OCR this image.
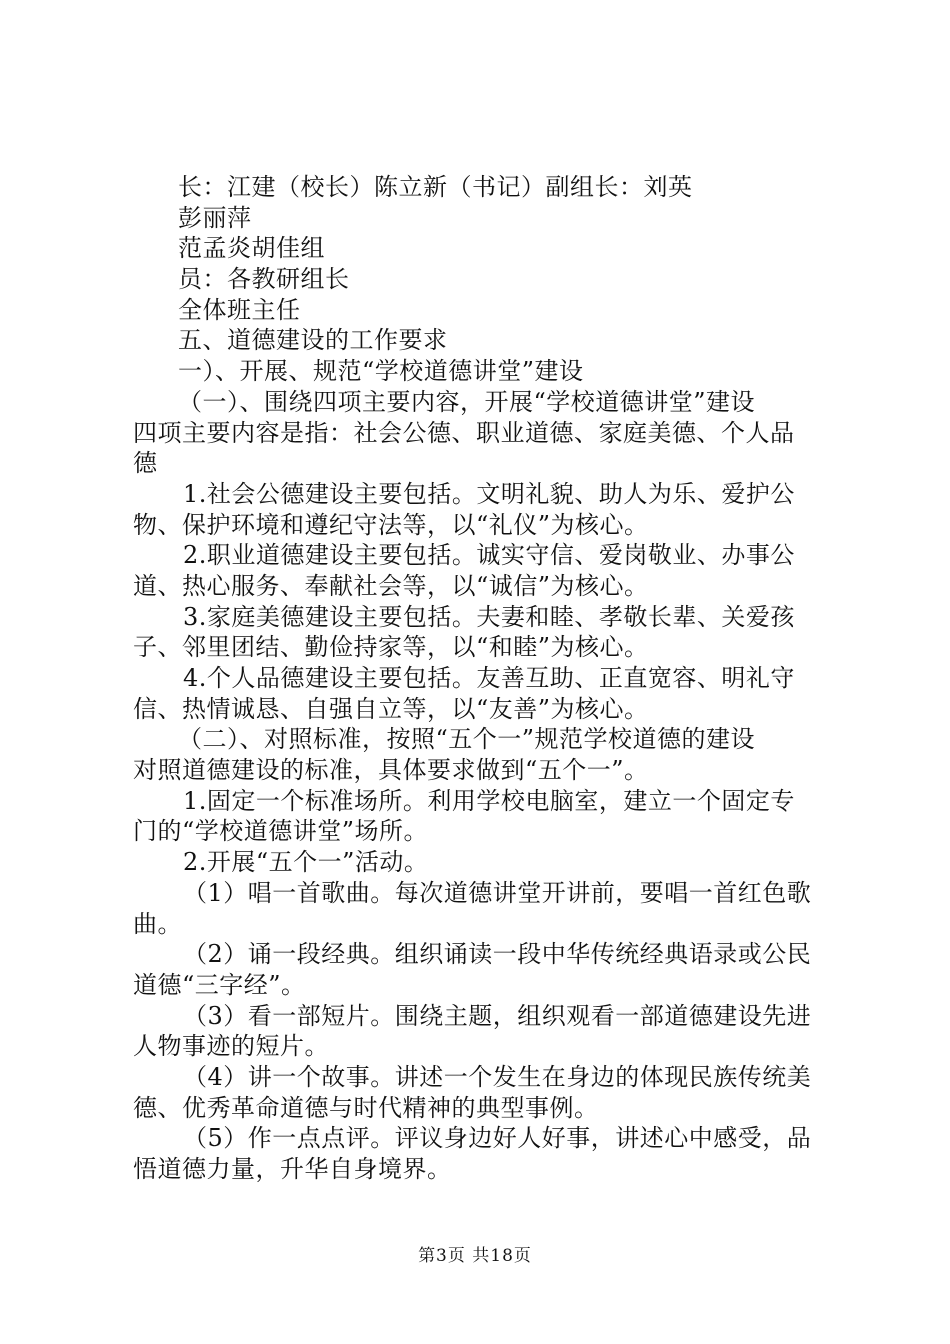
长：江建（校长）陈立新（书记）副组长：刘英
彭丽萍
范孟炎胡佳组
员：各教研组长
全体班主任
五、道德建设的工作要求
一）、开展、规范“学校道德讲堂”建设
（一）、围绕四项主要内容，开展“学校道德讲堂”建设
四项主要内容是指：社会公德、职业道德、家庭美德、个人品
德
1.社会公德建设主要包括。文明礼貌、助人为乐、爱护公
物、保护环境和遵纪守法等，以“礼仪”为核心。
2.职业道德建设主要包括。诚实守信、爱岗敬业、办事公
道、热心服务、奉献社会等，以“诚信”为核心。
3.家庭美德建设主要包括。夫妻和睦、孝敬长辈、关爱孩
子、邻里团结、勤俭持家等，以“和睦”为核心。
4.个人品德建设主要包括。友善互助、正直宽容、明礼守
信、热情诚恳、自强自立等，以“友善”为核心。
（二）、对照标准，按照“五个一”规范学校道德的建设
对照道德建设的标准，具体要求做到“五个一”。
1.固定一个标准场所。利用学校电脑室，建立一个固定专
门的“学校道德讲堂”场所。
2.开展“五个一”活动。
（1）唱一首歌曲。每次道德讲堂开讲前，要唱一首红色歌
曲。
（2）诵一段经典。组织诵读一段中华传统经典语录或公民
道德“三字经”。
（3）看一部短片。围绕主题，组织观看一部道德建设先进
人物事迹的短片。
（4）讲一个故事。讲述一个发生在身边的体现民族传统美
德、优秀革命道德与时代精神的典型事例。
（5）作一点点评。评议身边好人好事，讲述心中感受，品
悟道德力量，升华自身境界。
第3页 共18页
